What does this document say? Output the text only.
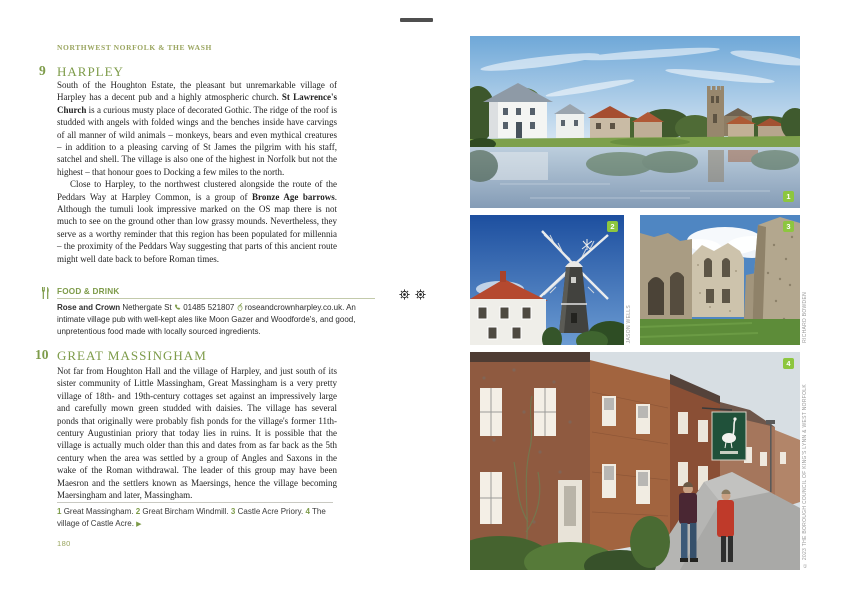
NORTHWEST NORFOLK & THE WASH
9 HARPLEY

South of the Houghton Estate, the pleasant but unremarkable village of Harpley has a decent pub and a highly atmospheric church. St Lawrence's Church is a curious musty place of decorated Gothic. The ridge of the roof is studded with angels with folded wings and the benches inside have carvings of all manner of wild animals – monkeys, bears and even mythical creatures – in addition to a pleasing carving of St James the pilgrim with his staff, satchel and shell. The village is also one of the highest in Norfolk but not the highest – that honour goes to Docking a few miles to the north.

Close to Harpley, to the northwest clustered alongside the route of the Peddars Way at Harpley Common, is a group of Bronze Age barrows. Although the tumuli look impressive marked on the OS map there is not much to see on the ground other than low grassy mounds. Nevertheless, they serve as a worthy reminder that this region has been populated for millennia – the proximity of the Peddars Way suggesting that parts of this ancient route might well date back to before Roman times.

FOOD & DRINK

Rose and Crown Nethergate St 01485 521807 roseandcrownharpley.co.uk. An intimate village pub with well-kept ales like Moon Gazer and Woodforde's, and good, unpretentious food made with locally sourced ingredients.

10 GREAT MASSINGHAM

Not far from Houghton Hall and the village of Harpley, and just south of its sister community of Little Massingham, Great Massingham is a very pretty village of 18th- and 19th-century cottages set against an impressively large and carefully mown green studded with daisies. The village has several ponds that originally were probably fish ponds for the village's former 11th-century Augustinian priory that today lies in ruins. It is possible that the village is actually much older than this and dates from as far back as the 5th century when the area was settled by a group of Angles and Saxons in the wake of the Roman withdrawal. The leader of this group may have been Maesron and the settlers known as Maersings, hence the village becoming Maersingham and later, Massingham.

1 Great Massingham. 2 Great Bircham Windmill. 3 Castle Acre Priory. 4 The village of Castle Acre. ▶

180
1
2
JASON WELLS
3
RICHARD BOWDEN
4
© 2023 THE BOROUGH COUNCIL OF KING'S LYNN & WEST NORFOLK
